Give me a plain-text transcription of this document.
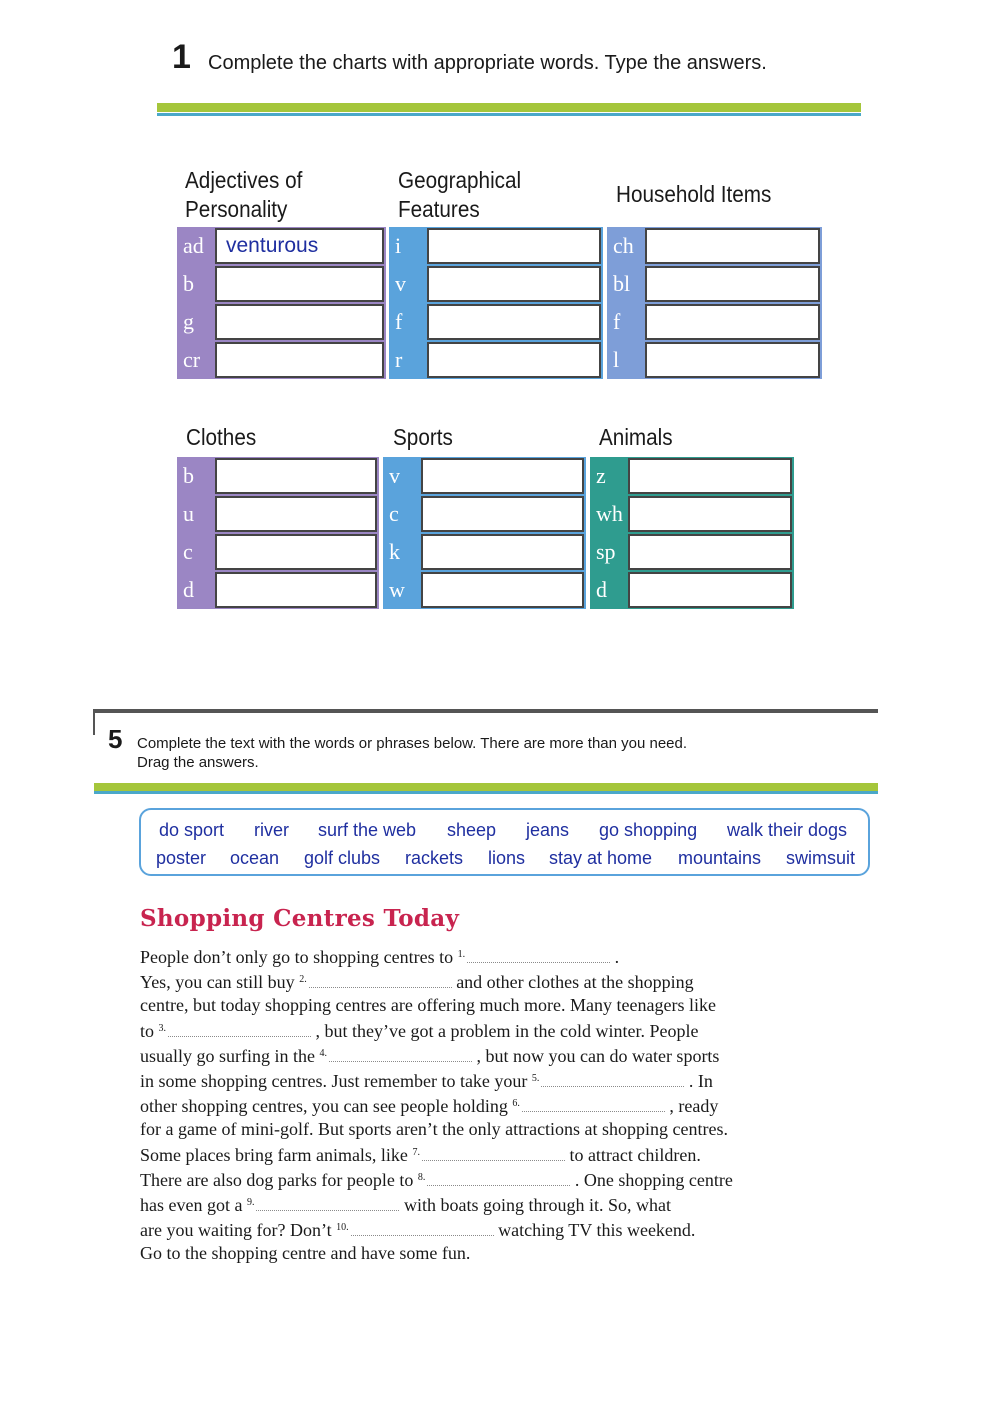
1 Complete the charts with appropriate words. Type the answers.
Adjectives of
Personality
Geographical
Features
Household Items
Clothes	Sports	Animals
ad	venturous
b
g
cr
i
v
f
r
ch
bl
f
l
b
u
c
d
v
c
k
w
z
wh
sp
d
5 Complete the text with the words or phrases below. There are more than you need.
Drag the answers.
do sport river surf the web sheep jeans go shopping walk their dogs
poster ocean golf clubs rackets lions stay at home mountains swimsuit
Shopping Centres Today
People don’t only go to shopping centres to $^{1.}$	.
Yes, you can still buy $^{2.}$	and other clothes at the shopping
centre, but today shopping centres are offering much more. Many teenagers like
to $^{3.}$	, but they’ve got a problem in the cold winter. People
usually go surfing in the $^{4.}$	, but now you can do water sports
in some shopping centres. Just remember to take your $^{5.}$	. In
other shopping centres, you can see people holding $^{6.}$	, ready
for a game of mini-golf. But sports aren’t the only attractions at shopping centres.
Some places bring farm animals, like $^{7.}$	to attract children.
There are also dog parks for people to $^{8.}$	. One shopping centre
has even got a $^{9.}$	with boats going through it. So, what
are you waiting for? Don’t $^{10.}$	watching TV this weekend.
Go to the shopping centre and have some fun.
